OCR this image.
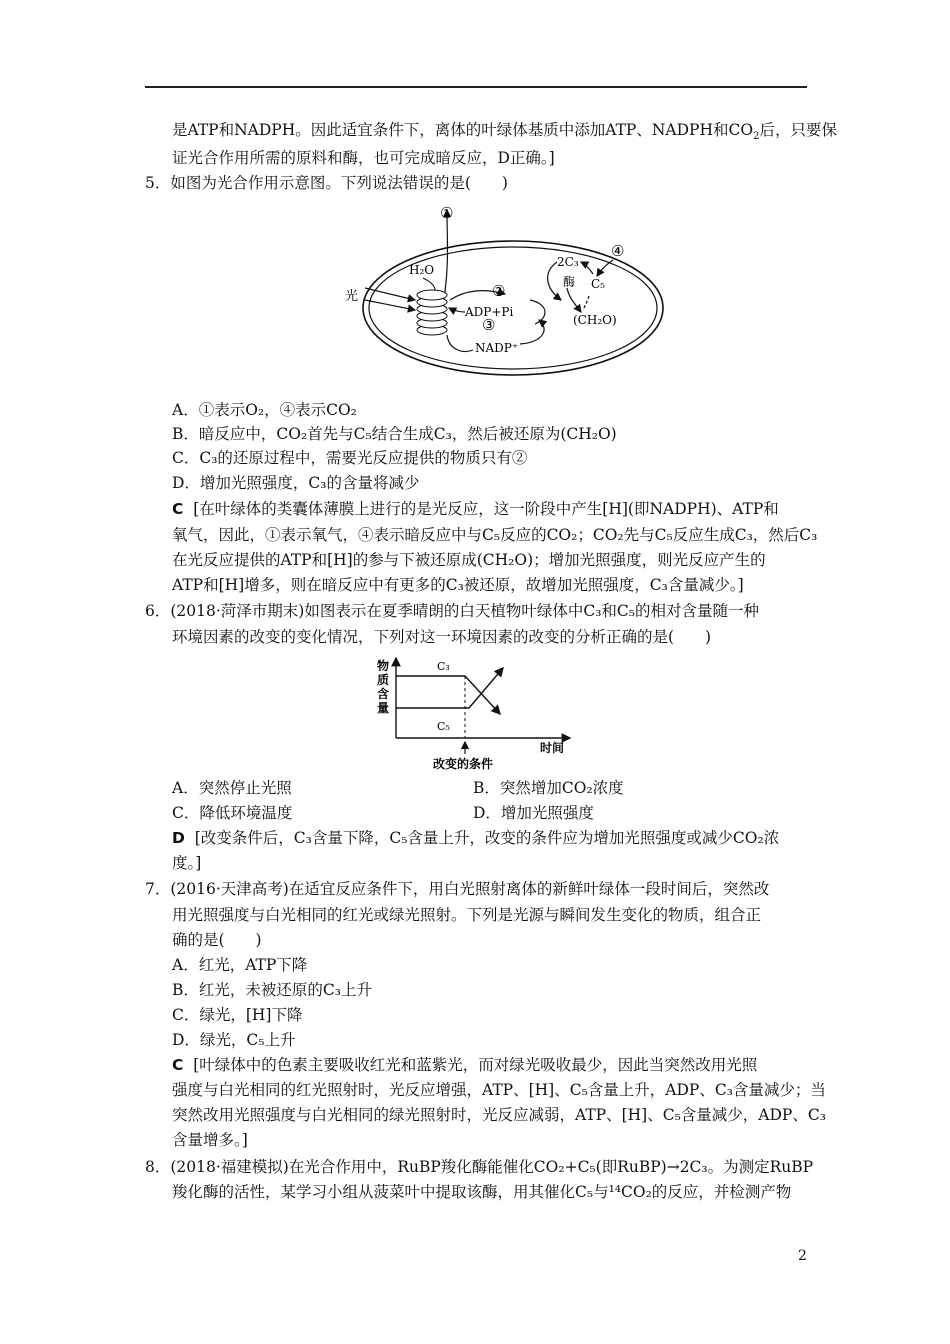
是ATP和NADPH。因此适宜条件下，离体的叶绿体基质中添加ATP、NADPH和$CO_2$后，只要保
证光合作用所需的原料和酶，也可完成暗反应，D正确。]
5．如图为光合作用示意图。下列说法错误的是(　　)
光
①
H₂O
②
ADP+Pi
③
NADP⁺
2C₃
④
酶 C₅
(CH₂O)
A．①表示O₂，④表示CO₂
B．暗反应中，CO₂首先与C₅结合生成C₃，然后被还原为(CH₂O)
C．C₃的还原过程中，需要光反应提供的物质只有②
D．增加光照强度，C₃的含量将减少
C [在叶绿体的类囊体薄膜上进行的是光反应，这一阶段中产生[H](即NADPH)、ATP和
氧气，因此，①表示氧气，④表示暗反应中与C₅反应的CO₂；CO₂先与C₅反应生成C₃，然后C₃
在光反应提供的ATP和[H]的参与下被还原成(CH₂O)；增加光照强度，则光反应产生的
ATP和[H]增多，则在暗反应中有更多的C₃被还原，故增加光照强度，C₃含量减少。]
6．(2018·菏泽市期末)如图表示在夏季晴朗的白天植物叶绿体中C₃和C₅的相对含量随一种
环境因素的改变的变化情况，下列对这一环境因素的改变的分析正确的是(　　)
物
质
含
量
时间
C₃
C₅
改变的条件
A．突然停止光照	B．突然增加CO₂浓度
C．降低环境温度	D．增加光照强度
D [改变条件后，C₃含量下降，C₅含量上升，改变的条件应为增加光照强度或减少CO₂浓
度。]
7．(2016·天津高考)在适宜反应条件下，用白光照射离体的新鲜叶绿体一段时间后，突然改
用光照强度与白光相同的红光或绿光照射。下列是光源与瞬间发生变化的物质，组合正
确的是(　　)
A．红光，ATP下降
B．红光，未被还原的C₃上升
C．绿光，[H]下降
D．绿光，C₅上升
C [叶绿体中的色素主要吸收红光和蓝紫光，而对绿光吸收最少，因此当突然改用光照
强度与白光相同的红光照射时，光反应增强，ATP、[H]、C₅含量上升，ADP、C₃含量减少；当
突然改用光照强度与白光相同的绿光照射时，光反应减弱，ATP、[H]、C₅含量减少，ADP、C₃
含量增多。]
8．(2018·福建模拟)在光合作用中，RuBP羧化酶能催化CO₂+C₅(即RuBP)→2C₃。为测定RuBP
羧化酶的活性，某学习小组从菠菜叶中提取该酶，用其催化C₅与¹⁴CO₂的反应，并检测产物
2
